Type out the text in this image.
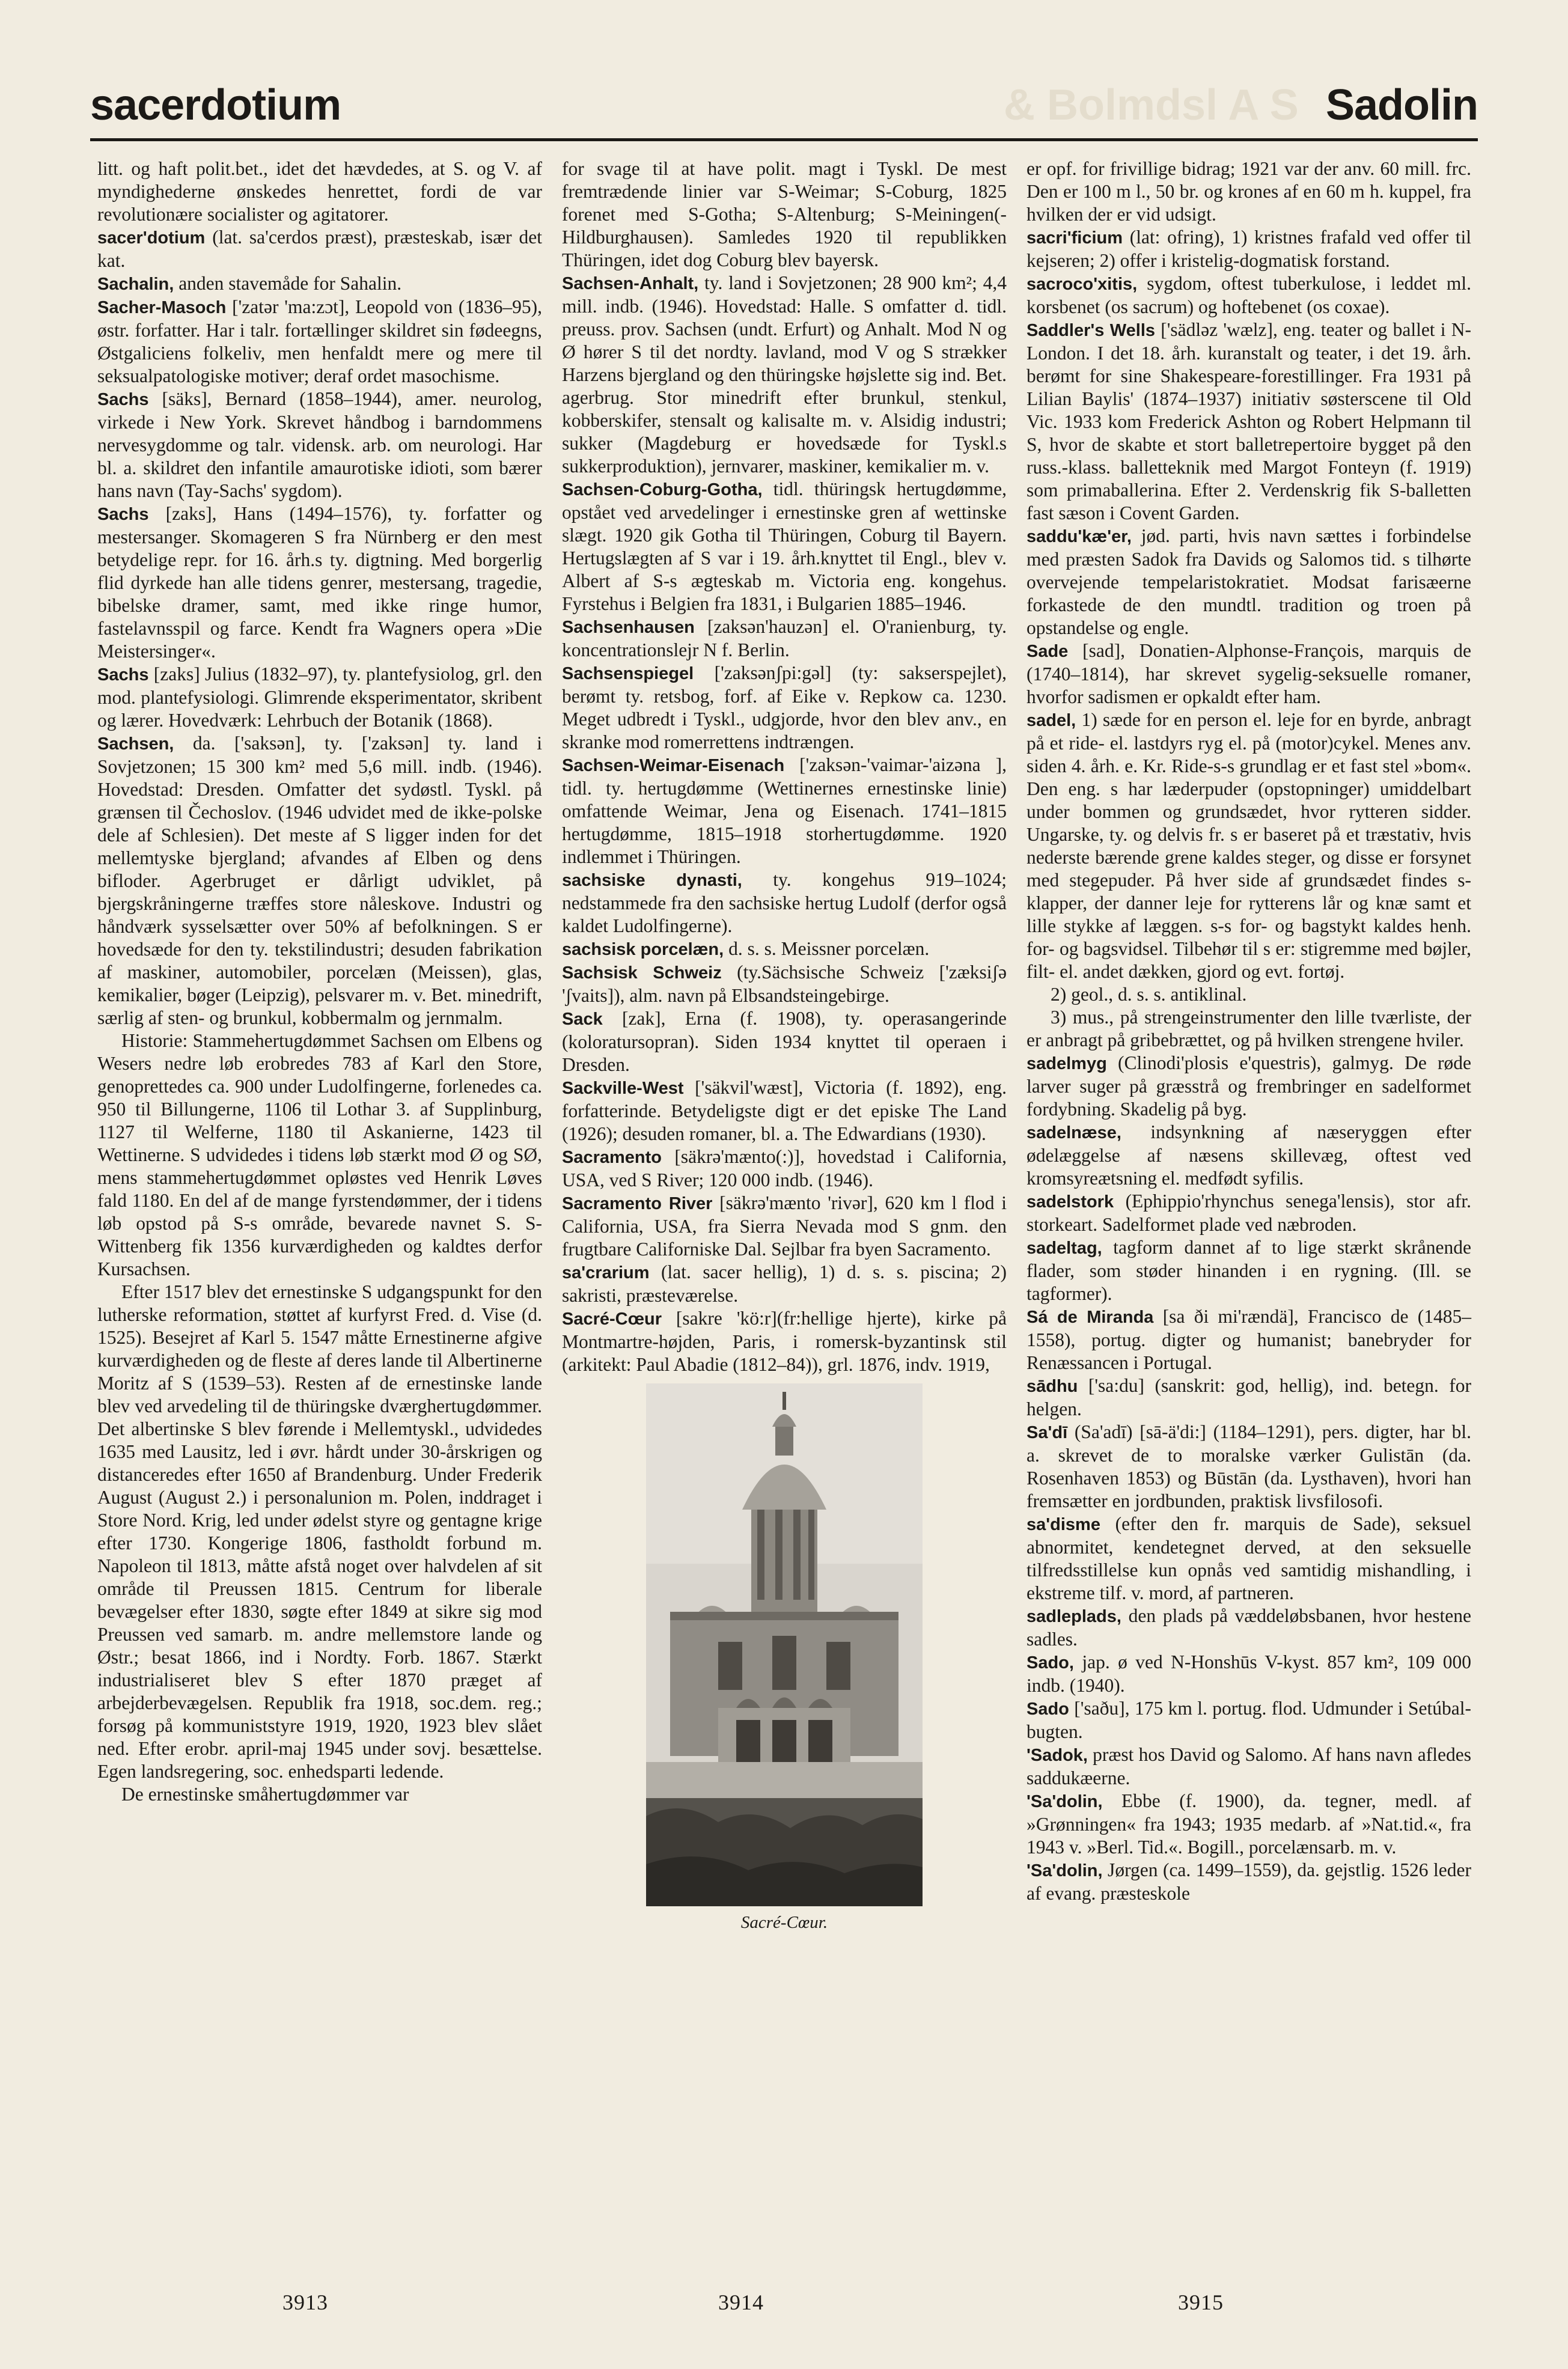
sacerdotium	& Bolmdsl A S Sadolin

litt. og haft polit.bet., idet det hævdedes, at S. og V. af myndighederne ønskedes henrettet, fordi de var revolutionære socialister og agitatorer.

sacer'dotium (lat. sa'cerdos præst), præsteskab, især det kat.

Sachalin, anden stavemåde for Sahalin.

Sacher-Masoch ['zatər 'ma:zɔt], Leopold von (1836–95), østr. forfatter. Har i talr. fortællinger skildret sin fødeegns, Østgaliciens folkeliv, men henfaldt mere og mere til seksualpatologiske motiver; deraf ordet masochisme.

Sachs [säks], Bernard (1858–1944), amer. neurolog, virkede i New York. Skrevet håndbog i barndommens nervesygdomme og talr. vidensk. arb. om neurologi. Har bl. a. skildret den infantile amaurotiske idioti, som bærer hans navn (Tay-Sachs' sygdom).

Sachs [zaks], Hans (1494–1576), ty. forfatter og mestersanger. Skomageren S fra Nürnberg er den mest betydelige repr. for 16. årh.s ty. digtning. Med borgerlig flid dyrkede han alle tidens genrer, mestersang, tragedie, bibelske dramer, samt, med ikke ringe humor, fastelavnsspil og farce. Kendt fra Wagners opera »Die Meistersinger«.

Sachs [zaks] Julius (1832–97), ty. plantefysiolog, grl. den mod. plantefysiologi. Glimrende eksperimentator, skribent og lærer. Hovedværk: Lehrbuch der Botanik (1868).

Sachsen, da. ['saksən], ty. ['zaksən] ty. land i Sovjetzonen; 15 300 km² med 5,6 mill. indb. (1946). Hovedstad: Dresden. Omfatter det sydøstl. Tyskl. på grænsen til Čechoslov. (1946 udvidet med de ikke-polske dele af Schlesien). Det meste af S ligger inden for det mellemtyske bjergland; afvandes af Elben og dens bifloder. Agerbruget er dårligt udviklet, på bjergskråningerne træffes store nåleskove. Industri og håndværk sysselsætter over 50% af befolkningen. S er hovedsæde for den ty. tekstilindustri; desuden fabrikation af maskiner, automobiler, porcelæn (Meissen), glas, kemikalier, bøger (Leipzig), pelsvarer m. v. Bet. minedrift, særlig af sten- og brunkul, kobbermalm og jernmalm.

Historie: Stammehertugdømmet Sachsen om Elbens og Wesers nedre løb erobredes 783 af Karl den Store, genoprettedes ca. 900 under Ludolfingerne, forlenedes ca. 950 til Billungerne, 1106 til Lothar 3. af Supplinburg, 1127 til Welferne, 1180 til Askanierne, 1423 til Wettinerne. S udvidedes i tidens løb stærkt mod Ø og SØ, mens stammehertugdømmet opløstes ved Henrik Løves fald 1180. En del af de mange fyrstendømmer, der i tidens løb opstod på S-s område, bevarede navnet S. S-Wittenberg fik 1356 kurværdigheden og kaldtes derfor Kursachsen.

Efter 1517 blev det ernestinske S udgangspunkt for den lutherske reformation, støttet af kurfyrst Fred. d. Vise (d. 1525). Besejret af Karl 5. 1547 måtte Ernestinerne afgive kurværdigheden og de fleste af deres lande til Albertinerne Moritz af S (1539–53). Resten af de ernestinske lande blev ved arvedeling til de thüringske dværghertugdømmer. Det albertinske S blev førende i Mellemtyskl., udvidedes 1635 med Lausitz, led i øvr. hårdt under 30-årskrigen og distanceredes efter 1650 af Brandenburg. Under Frederik August (August 2.) i personalunion m. Polen, inddraget i Store Nord. Krig, led under ødelst styre og gentagne krige efter 1730. Kongerige 1806, fastholdt forbund m. Napoleon til 1813, måtte afstå noget over halvdelen af sit område til Preussen 1815. Centrum for liberale bevægelser efter 1830, søgte efter 1849 at sikre sig mod Preussen ved samarb. m. andre mellemstore lande og Østr.; besat 1866, ind i Nordty. Forb. 1867. Stærkt industrialiseret blev S efter 1870 præget af arbejderbevægelsen. Republik fra 1918, soc.dem. reg.; forsøg på kommuniststyre 1919, 1920, 1923 blev slået ned. Efter erobr. april-maj 1945 under sovj. besættelse. Egen landsregering, soc. enhedsparti ledende.

De ernestinske småhertugdømmer var

for svage til at have polit. magt i Tyskl. De mest fremtrædende linier var S-Weimar; S-Coburg, 1825 forenet med S-Gotha; S-Altenburg; S-Meiningen(-Hildburghausen). Samledes 1920 til republikken Thüringen, idet dog Coburg blev bayersk.

Sachsen-Anhalt, ty. land i Sovjetzonen; 28 900 km²; 4,4 mill. indb. (1946). Hovedstad: Halle. S omfatter d. tidl. preuss. prov. Sachsen (undt. Erfurt) og Anhalt. Mod N og Ø hører S til det nordty. lavland, mod V og S strækker Harzens bjergland og den thüringske højslette sig ind. Bet. agerbrug. Stor minedrift efter brunkul, stenkul, kobberskifer, stensalt og kalisalte m. v. Alsidig industri; sukker (Magdeburg er hovedsæde for Tyskl.s sukkerproduktion), jernvarer, maskiner, kemikalier m. v.

Sachsen-Coburg-Gotha, tidl. thüringsk hertugdømme, opstået ved arvedelinger i ernestinske gren af wettinske slægt. 1920 gik Gotha til Thüringen, Coburg til Bayern. Hertugslægten af S var i 19. årh.knyttet til Engl., blev v. Albert af S-s ægteskab m. Victoria eng. kongehus. Fyrstehus i Belgien fra 1831, i Bulgarien 1885–1946.

Sachsenhausen [zaksən'hauzən] el. O'ranienburg, ty. koncentrationslejr N f. Berlin.

Sachsenspiegel ['zaksənʃpi:gəl] (ty: sakserspejlet), berømt ty. retsbog, forf. af Eike v. Repkow ca. 1230. Meget udbredt i Tyskl., udgjorde, hvor den blev anv., en skranke mod romerrettens indtrængen.

Sachsen-Weimar-Eisenach ['zaksən-'vaimar-'aizəna ], tidl. ty. hertugdømme (Wettinernes ernestinske linie) omfattende Weimar, Jena og Eisenach. 1741–1815 hertugdømme, 1815–1918 storhertugdømme. 1920 indlemmet i Thüringen.

sachsiske dynasti, ty. kongehus 919–1024; nedstammede fra den sachsiske hertug Ludolf (derfor også kaldet Ludolfingerne).

sachsisk porcelæn, d. s. s. Meissner porcelæn.

Sachsisk Schweiz (ty.Sächsische Schweiz ['zæksiʃə 'ʃvaits]), alm. navn på Elbsandsteingebirge.

Sack [zak], Erna (f. 1908), ty. operasangerinde (koloratursopran). Siden 1934 knyttet til operaen i Dresden.

Sackville-West ['säkvil'wæst], Victoria (f. 1892), eng. forfatterinde. Betydeligste digt er det episke The Land (1926); desuden romaner, bl. a. The Edwardians (1930).

Sacramento [säkrə'mænto(:)], hovedstad i California, USA, ved S River; 120 000 indb. (1946).

Sacramento River [säkrə'mænto 'rivər], 620 km l flod i California, USA, fra Sierra Nevada mod S gnm. den frugtbare Californiske Dal. Sejlbar fra byen Sacramento.

sa'crarium (lat. sacer hellig), 1) d. s. s. piscina; 2) sakristi, præsteværelse.

Sacré-Cœur [sakre 'kö:r](fr:hellige hjerte), kirke på Montmartre-højden, Paris, i romersk-byzantinsk stil (arkitekt: Paul Abadie (1812–84)), grl. 1876, indv. 1919,

Sacré-Cœur.

er opf. for frivillige bidrag; 1921 var der anv. 60 mill. frc. Den er 100 m l., 50 br. og krones af en 60 m h. kuppel, fra hvilken der er vid udsigt.

sacri'ficium (lat: ofring), 1) kristnes frafald ved offer til kejseren; 2) offer i kristelig-dogmatisk forstand.

sacroco'xitis, sygdom, oftest tuberkulose, i leddet ml. korsbenet (os sacrum) og hoftebenet (os coxae).

Saddler's Wells ['sädləz 'wælz], eng. teater og ballet i N-London. I det 18. årh. kuranstalt og teater, i det 19. årh. berømt for sine Shakespeare-forestillinger. Fra 1931 på Lilian Baylis' (1874–1937) initiativ søsterscene til Old Vic. 1933 kom Frederick Ashton og Robert Helpmann til S, hvor de skabte et stort balletrepertoire bygget på den russ.-klass. balletteknik med Margot Fonteyn (f. 1919) som primaballerina. Efter 2. Verdenskrig fik S-balletten fast sæson i Covent Garden.

saddu'kæ'er, jød. parti, hvis navn sættes i forbindelse med præsten Sadok fra Davids og Salomos tid. s tilhørte overvejende tempelaristokratiet. Modsat farisæerne forkastede de den mundtl. tradition og troen på opstandelse og engle.

Sade [sad], Donatien-Alphonse-François, marquis de (1740–1814), har skrevet sygelig-seksuelle romaner, hvorfor sadismen er opkaldt efter ham.

sadel, 1) sæde for en person el. leje for en byrde, anbragt på et ride- el. lastdyrs ryg el. på (motor)cykel. Menes anv. siden 4. årh. e. Kr. Ride-s-s grundlag er et fast stel »bom«. Den eng. s har læderpuder (opstopninger) umiddelbart under bommen og grundsædet, hvor rytteren sidder. Ungarske, ty. og delvis fr. s er baseret på et træstativ, hvis nederste bærende grene kaldes steger, og disse er forsynet med stegepuder. På hver side af grundsædet findes s-klapper, der danner leje for rytterens lår og knæ samt et lille stykke af læggen. s-s for- og bagstykt kaldes henh. for- og bagsvidsel. Tilbehør til s er: stigremme med bøjler, filt- el. andet dækken, gjord og evt. fortøj.

2) geol., d. s. s. antiklinal.

3) mus., på strengeinstrumenter den lille tværliste, der er anbragt på gribebrættet, og på hvilken strengene hviler.

sadelmyg (Clinodi'plosis e'questris), galmyg. De røde larver suger på græsstrå og frembringer en sadelformet fordybning. Skadelig på byg.

sadelnæse, indsynkning af næseryggen efter ødelæggelse af næsens skillevæg, oftest ved kromsyreætsning el. medfødt syfilis.

sadelstork (Ephippio'rhynchus senega'lensis), stor afr. storkeart. Sadelformet plade ved næbroden.

sadeltag, tagform dannet af to lige stærkt skrånende flader, som støder hinanden i en rygning. (Ill. se tagformer).

Sá de Miranda [sa ði mi'rændä], Francisco de (1485–1558), portug. digter og humanist; banebryder for Renæssancen i Portugal.

sādhu ['sa:du] (sanskrit: god, hellig), ind. betegn. for helgen.

Sa'dī (Sa'adī) [sā-ä'di:] (1184–1291), pers. digter, har bl. a. skrevet de to moralske værker Gulistān (da. Rosenhaven 1853) og Būstān (da. Lysthaven), hvori han fremsætter en jordbunden, praktisk livsfilosofi.

sa'disme (efter den fr. marquis de Sade), seksuel abnormitet, kendetegnet derved, at den seksuelle tilfredsstillelse kun opnås ved samtidig mishandling, i ekstreme tilf. v. mord, af partneren.

sadleplads, den plads på væddeløbsbanen, hvor hestene sadles.

Sado, jap. ø ved N-Honshūs V-kyst. 857 km², 109 000 indb. (1940).

Sado ['saðu], 175 km l. portug. flod. Udmunder i Setúbal-bugten.

'Sadok, præst hos David og Salomo. Af hans navn afledes saddukæerne.

'Sa'dolin, Ebbe (f. 1900), da. tegner, medl. af »Grønningen« fra 1943; 1935 medarb. af »Nat.tid.«, fra 1943 v. »Berl. Tid.«. Bogill., porcelænsarb. m. v.

'Sa'dolin, Jørgen (ca. 1499–1559), da. gejstlig. 1526 leder af evang. præsteskole

3913	3914	3915
